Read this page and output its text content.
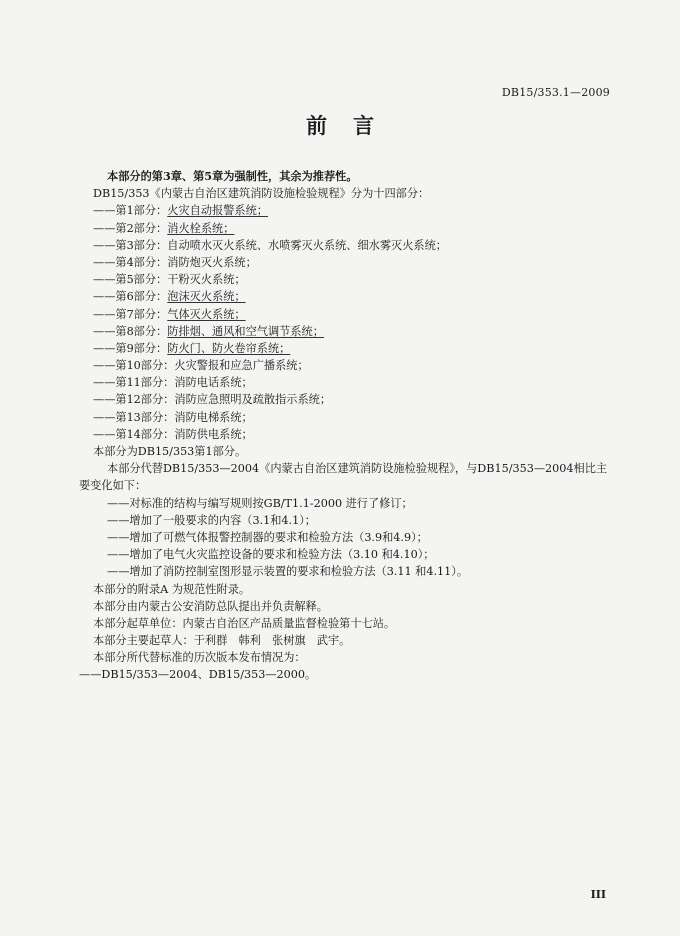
DB15/353.1—2009
前 言
本部分的第3章、第5章为强制性，其余为推荐性。
DB15/353《内蒙古自治区建筑消防设施检验规程》分为十四部分：
——第1部分：火灾自动报警系统；
——第2部分：消火栓系统；
——第3部分：自动喷水灭火系统、水喷雾灭火系统、细水雾灭火系统；
——第4部分：消防炮灭火系统；
——第5部分：干粉灭火系统；
——第6部分：泡沫灭火系统；
——第7部分：气体灭火系统；
——第8部分：防排烟、通风和空气调节系统；
——第9部分：防火门、防火卷帘系统；
——第10部分：火灾警报和应急广播系统；
——第11部分：消防电话系统；
——第12部分：消防应急照明及疏散指示系统；
——第13部分：消防电梯系统；
——第14部分：消防供电系统；
本部分为DB15/353第1部分。
本部分代替DB15/353—2004《内蒙古自治区建筑消防设施检验规程》，与DB15/353—2004相比主
要变化如下：
——对标准的结构与编写规则按GB/T1.1-2000 进行了修订；
——增加了一般要求的内容（3.1和4.1）；
——增加了可燃气体报警控制器的要求和检验方法（3.9和4.9）；
——增加了电气火灾监控设备的要求和检验方法（3.10 和4.10）；
——增加了消防控制室图形显示装置的要求和检验方法（3.11 和4.11）。
本部分的附录A 为规范性附录。
本部分由内蒙古公安消防总队提出并负责解释。
本部分起草单位：内蒙古自治区产品质量监督检验第十七站。
本部分主要起草人：于利群　韩利　张树旗　武宇。
本部分所代替标准的历次版本发布情况为：
——DB15/353—2004、DB15/353—2000。
III
